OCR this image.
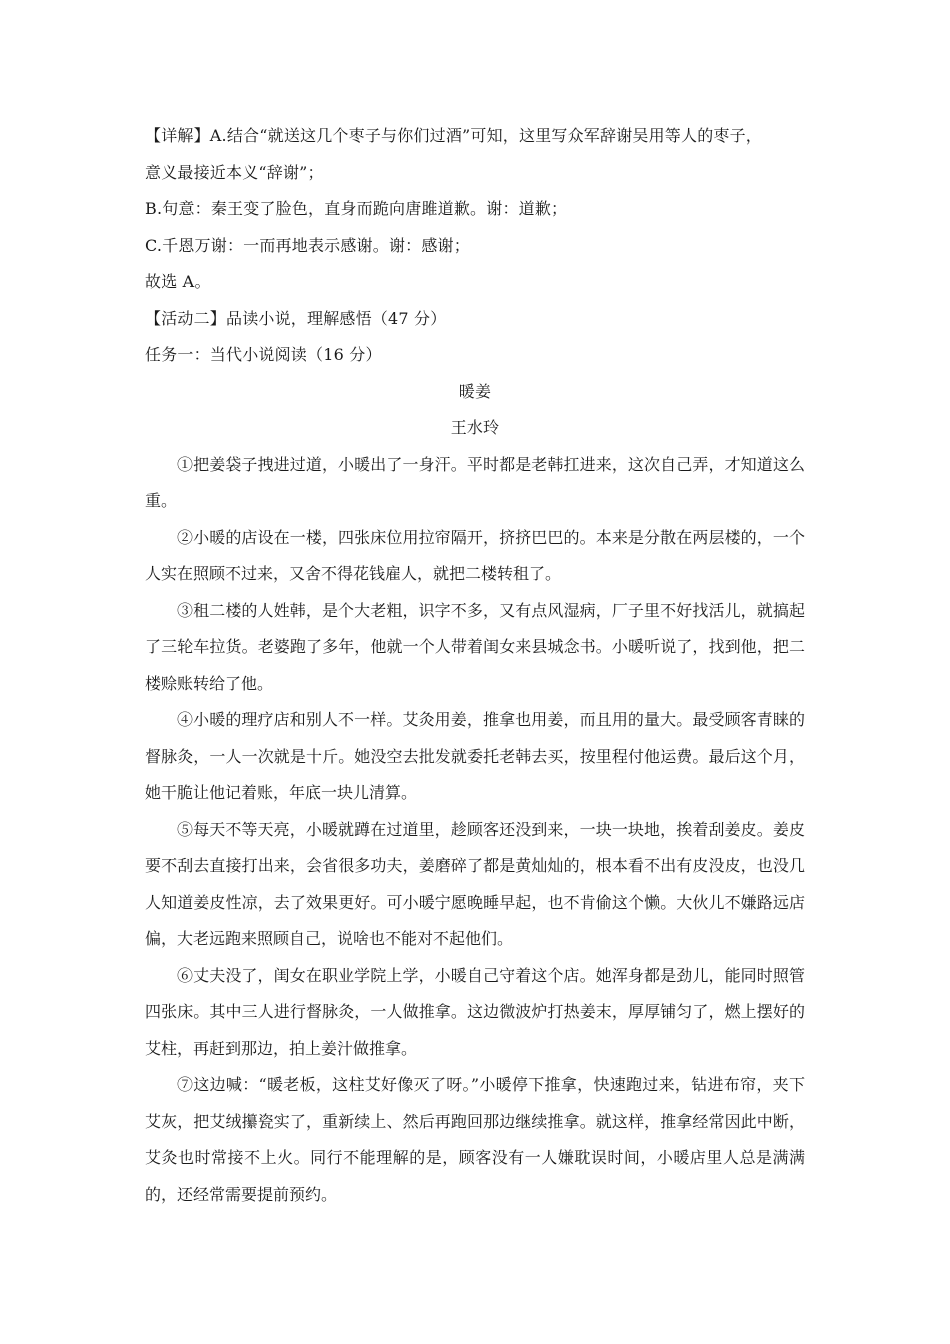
【详解】A.结合“就送这几个枣子与你们过酒”可知，这里写众军辞谢吴用等人的枣子，
意义最接近本义“辞谢”；
B.句意：秦王变了脸色，直身而跪向唐雎道歉。谢：道歉；
C.千恩万谢：一而再地表示感谢。谢：感谢；
故选 A。
【活动二】品读小说，理解感悟（47 分）
任务一：当代小说阅读（16 分）
暖姜
王水玲

①把姜袋子拽进过道，小暖出了一身汗。平时都是老韩扛进来，这次自己弄，才知道这么重。

②小暖的店设在一楼，四张床位用拉帘隔开，挤挤巴巴的。本来是分散在两层楼的，一个人实在照顾不过来，又舍不得花钱雇人，就把二楼转租了。

③租二楼的人姓韩，是个大老粗，识字不多，又有点风湿病，厂子里不好找活儿，就搞起了三轮车拉货。老婆跑了多年，他就一个人带着闺女来县城念书。小暖听说了，找到他，把二楼赊账转给了他。

④小暖的理疗店和别人不一样。艾灸用姜，推拿也用姜，而且用的量大。最受顾客青睐的督脉灸，一人一次就是十斤。她没空去批发就委托老韩去买，按里程付他运费。最后这个月，她干脆让他记着账，年底一块儿清算。

⑤每天不等天亮，小暖就蹲在过道里，趁顾客还没到来，一块一块地，挨着刮姜皮。姜皮要不刮去直接打出来，会省很多功夫，姜磨碎了都是黄灿灿的，根本看不出有皮没皮，也没几人知道姜皮性凉，去了效果更好。可小暖宁愿晚睡早起，也不肯偷这个懒。大伙儿不嫌路远店偏，大老远跑来照顾自己，说啥也不能对不起他们。

⑥丈夫没了，闺女在职业学院上学，小暖自己守着这个店。她浑身都是劲儿，能同时照管四张床。其中三人进行督脉灸，一人做推拿。这边微波炉打热姜末，厚厚铺匀了，燃上摆好的艾柱，再赶到那边，拍上姜汁做推拿。

⑦这边喊：“暖老板，这柱艾好像灭了呀。”小暖停下推拿，快速跑过来，钻进布帘，夹下艾灰，把艾绒攥瓷实了，重新续上、然后再跑回那边继续推拿。就这样，推拿经常因此中断，艾灸也时常接不上火。同行不能理解的是，顾客没有一人嫌耽误时间，小暖店里人总是满满的，还经常需要提前预约。
